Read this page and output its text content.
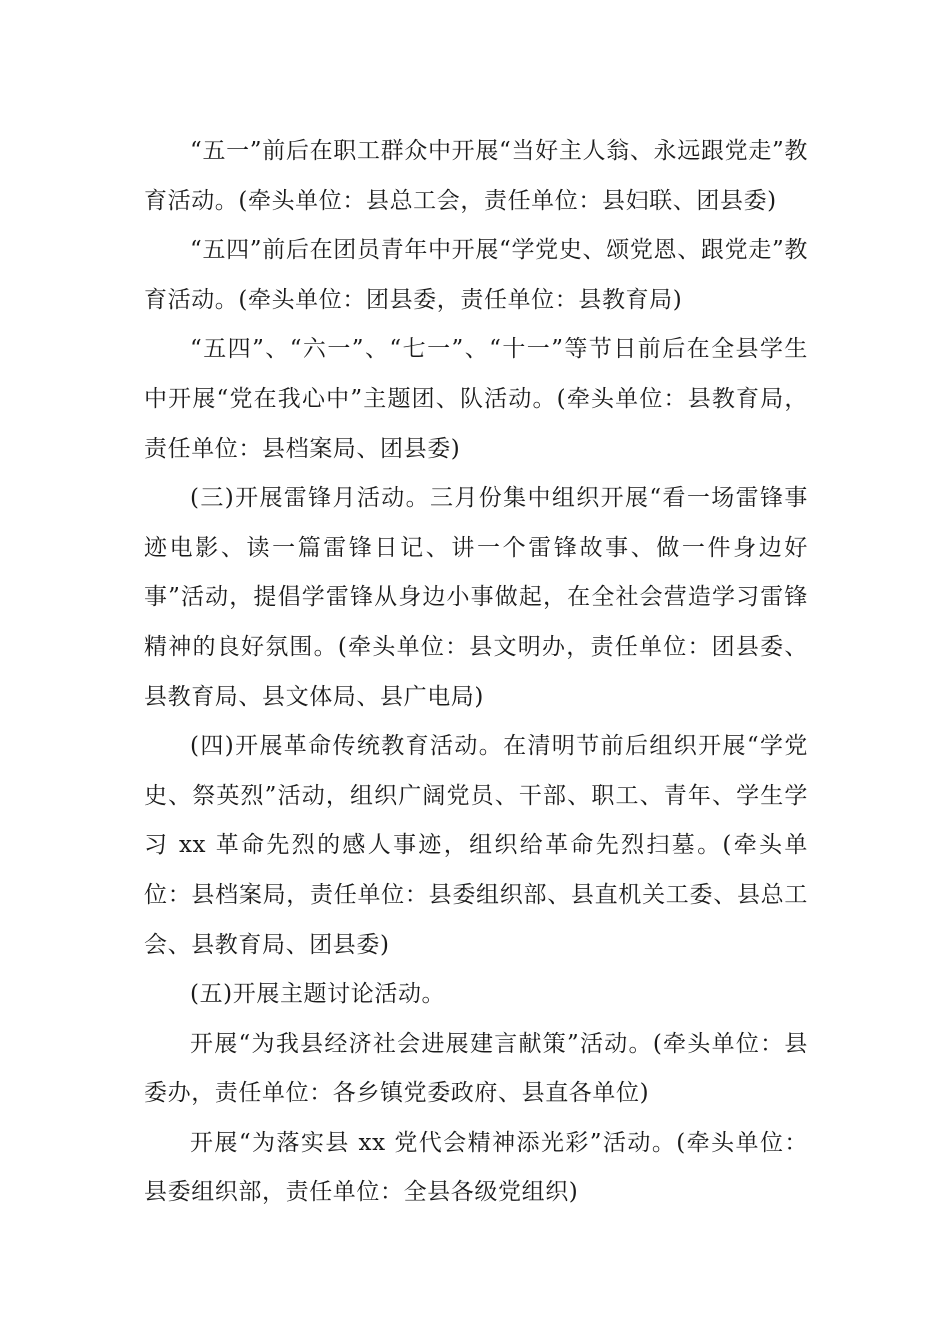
“五一”前后在职工群众中开展“当好主人翁、永远跟党走”教育活动。(牵头单位：县总工会，责任单位：县妇联、团县委)

“五四”前后在团员青年中开展“学党史、颂党恩、跟党走”教育活动。(牵头单位：团县委，责任单位：县教育局)

“五四”、“六一”、“七一”、“十一”等节日前后在全县学生中开展“党在我心中”主题团、队活动。(牵头单位：县教育局，责任单位：县档案局、团县委)

(三)开展雷锋月活动。三月份集中组织开展“看一场雷锋事迹电影、读一篇雷锋日记、讲一个雷锋故事、做一件身边好事”活动，提倡学雷锋从身边小事做起，在全社会营造学习雷锋精神的良好氛围。(牵头单位：县文明办，责任单位：团县委、县教育局、县文体局、县广电局)

(四)开展革命传统教育活动。在清明节前后组织开展“学党史、祭英烈”活动，组织广阔党员、干部、职工、青年、学生学习 xx 革命先烈的感人事迹，组织给革命先烈扫墓。(牵头单位：县档案局，责任单位：县委组织部、县直机关工委、县总工会、县教育局、团县委)

(五)开展主题讨论活动。

开展“为我县经济社会进展建言献策”活动。(牵头单位：县委办，责任单位：各乡镇党委政府、县直各单位)

开展“为落实县 xx 党代会精神添光彩”活动。(牵头单位：县委组织部，责任单位：全县各级党组织)
